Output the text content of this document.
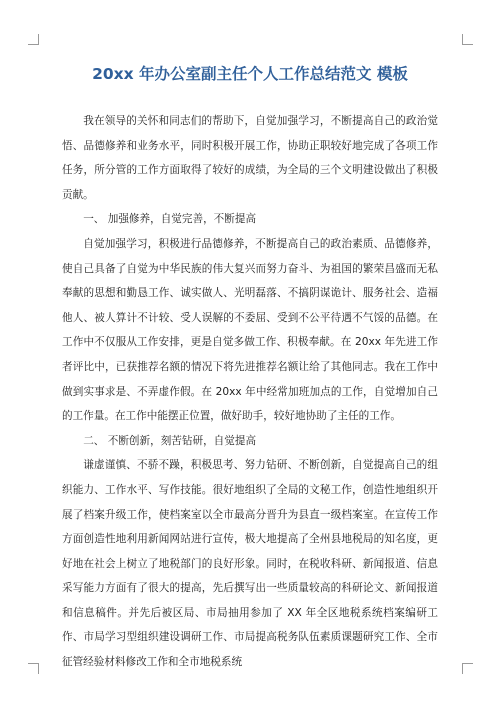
20xx 年办公室副主任个人工作总结范文 模板

我在领导的关怀和同志们的帮助下，自觉加强学习，不断提高自己的政治觉悟、品德修养和业务水平，同时积极开展工作，协助正职较好地完成了各项工作任务，所分管的工作方面取得了较好的成绩，为全局的三个文明建设做出了积极贡献。

一、 加强修养，自觉完善，不断提高

自觉加强学习，积极进行品德修养，不断提高自己的政治素质、品德修养，使自己具备了自觉为中华民族的伟大复兴而努力奋斗、为祖国的繁荣昌盛而无私奉献的思想和勤恳工作、诚实做人、光明磊落、不搞阴谋诡计、服务社会、造福他人、被人算计不计较、受人误解的不委屈、受到不公平待遇不气馁的品德。在工作中不仅服从工作安排，更是自觉多做工作、积极奉献。在 20xx 年先进工作者评比中，已获推荐名额的情况下将先进推荐名额让给了其他同志。我在工作中做到实事求是、不弄虚作假。在 20xx 年中经常加班加点的工作，自觉增加自己的工作量。在工作中能摆正位置，做好助手，较好地协助了主任的工作。

二、 不断创新，刻苦钻研，自觉提高

谦虚谨慎、不骄不躁，积极思考、努力钻研、不断创新，自觉提高自己的组织能力、工作水平、写作技能。很好地组织了全局的文秘工作，创造性地组织开展了档案升级工作，使档案室以全市最高分晋升为县直一级档案室。在宣传工作方面创造性地利用新闻网站进行宣传，极大地提高了全州县地税局的知名度，更好地在社会上树立了地税部门的良好形象。同时，在税收科研、新闻报道、信息采写能力方面有了很大的提高，先后撰写出一些质量较高的科研论文、新闻报道和信息稿件。并先后被区局、市局抽用参加了 XX 年全区地税系统档案编研工作、市局学习型组织建设调研工作、市局提高税务队伍素质课题研究工作、全市征管经验材料修改工作和全市地税系统
